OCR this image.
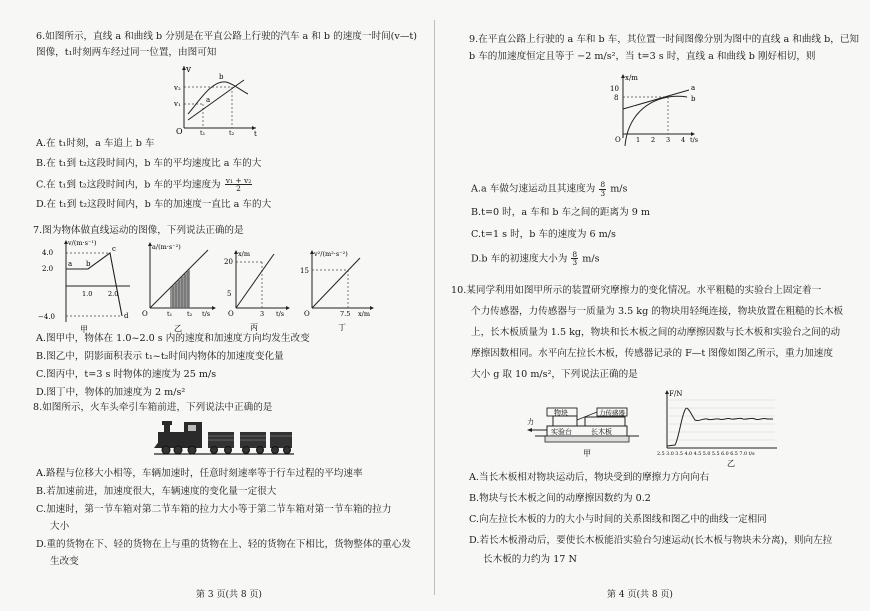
6.如图所示，直线 a 和曲线 b 分别是在平直公路上行驶的汽车 a 和 b 的速度一时间(v—t)
图像，t₁时刻两车经过同一位置，由图可知
v
t
O
v₂
v₁
b
a
t₁	t₂
A.在 t₁时刻，a 车追上 b 车
B.在 t₁到 t₂这段时间内，b 车的平均速度比 a 车的大
C.在 t₁到 t₂这段时间内，b 车的平均速度为 $\frac{\text{v₁ + v₂}}{2}$
D.在 t₁到 t₂这段时间内，b 车的加速度一直比 a 车的大
7.图为物体做直线运动的图像，下列说法正确的是
v/(m·s⁻¹)
4.0
2.0
−4.0
a b
c
d
1.0 2.0
甲
a/(m·s⁻²)
O	t₁ t₂ t/s
乙
x/m
20
5
O	3 t/s
丙
v²/(m²·s⁻²)
15
O	7.5 x/m
丁
A.图甲中，物体在 1.0~2.0 s 内的速度和加速度方向均发生改变
B.图乙中，阴影面积表示 t₁~t₂时间内物体的加速度变化量
C.图丙中，t=3 s 时物体的速度为 25 m/s
D.图丁中，物体的加速度为 2 m/s²
8.如图所示，火车头牵引车箱前进，下列说法中正确的是
A.路程与位移大小相等，车辆加速时，任意时刻速率等于行车过程的平均速率
B.若加速前进，加速度很大，车辆速度的变化量一定很大
C.加速时，第一节车箱对第二节车箱的拉力大小等于第二节车箱对第一节车箱的拉力
大小
D.重的货物在下、轻的货物在上与重的货物在上、轻的货物在下相比，货物整体的重心发
生改变
第 3 页(共 8 页)
9.在平直公路上行驶的 a 车和 b 车，其位置一时间图像分别为图中的直线 a 和曲线 b，已知
b 车的加速度恒定且等于 −2 m/s²，当 t=3 s 时，直线 a 和曲线 b 刚好相切，则
x/m
10
8
a
b
O 1 2 3 4 t/s
A.a 车做匀速运动且其速度为 $\frac{8}{3} m/s$
B.t=0 时，a 车和 b 车之间的距离为 9 m
C.t=1 s 时，b 车的速度为 6 m/s
D.b 车的初速度大小为 $\frac{8}{3} m/s$
10.某同学利用如图甲所示的装置研究摩擦力的变化情况。水平粗糙的实验台上固定着一
个力传感器，力传感器与一质量为 3.5 kg 的物块用轻绳连接，物块放置在粗糙的长木板
上，长木板质量为 1.5 kg，物块和长木板之间的动摩擦因数与长木板和实验台之间的动
摩擦因数相同。水平向左拉长木板，传感器记录的 F—t 图像如图乙所示，重力加速度
大小 g 取 10 m/s²，下列说法正确的是
物块	力传感器
实验台	长木板
力
甲
F/N
2.5 3.0 3.5 4.0 4.5 5.0 5.5 6.0 6.5 7.0 t/s
乙
A.当长木板相对物块运动后，物块受到的摩擦力方向向右
B.物块与长木板之间的动摩擦因数约为 0.2
C.向左拉长木板的力的大小与时间的关系图线和图乙中的曲线一定相同
D.若长木板滑动后，要使长木板能沿实验台匀速运动(长木板与物块未分离)，则向左拉
长木板的力约为 17 N
第 4 页(共 8 页)
